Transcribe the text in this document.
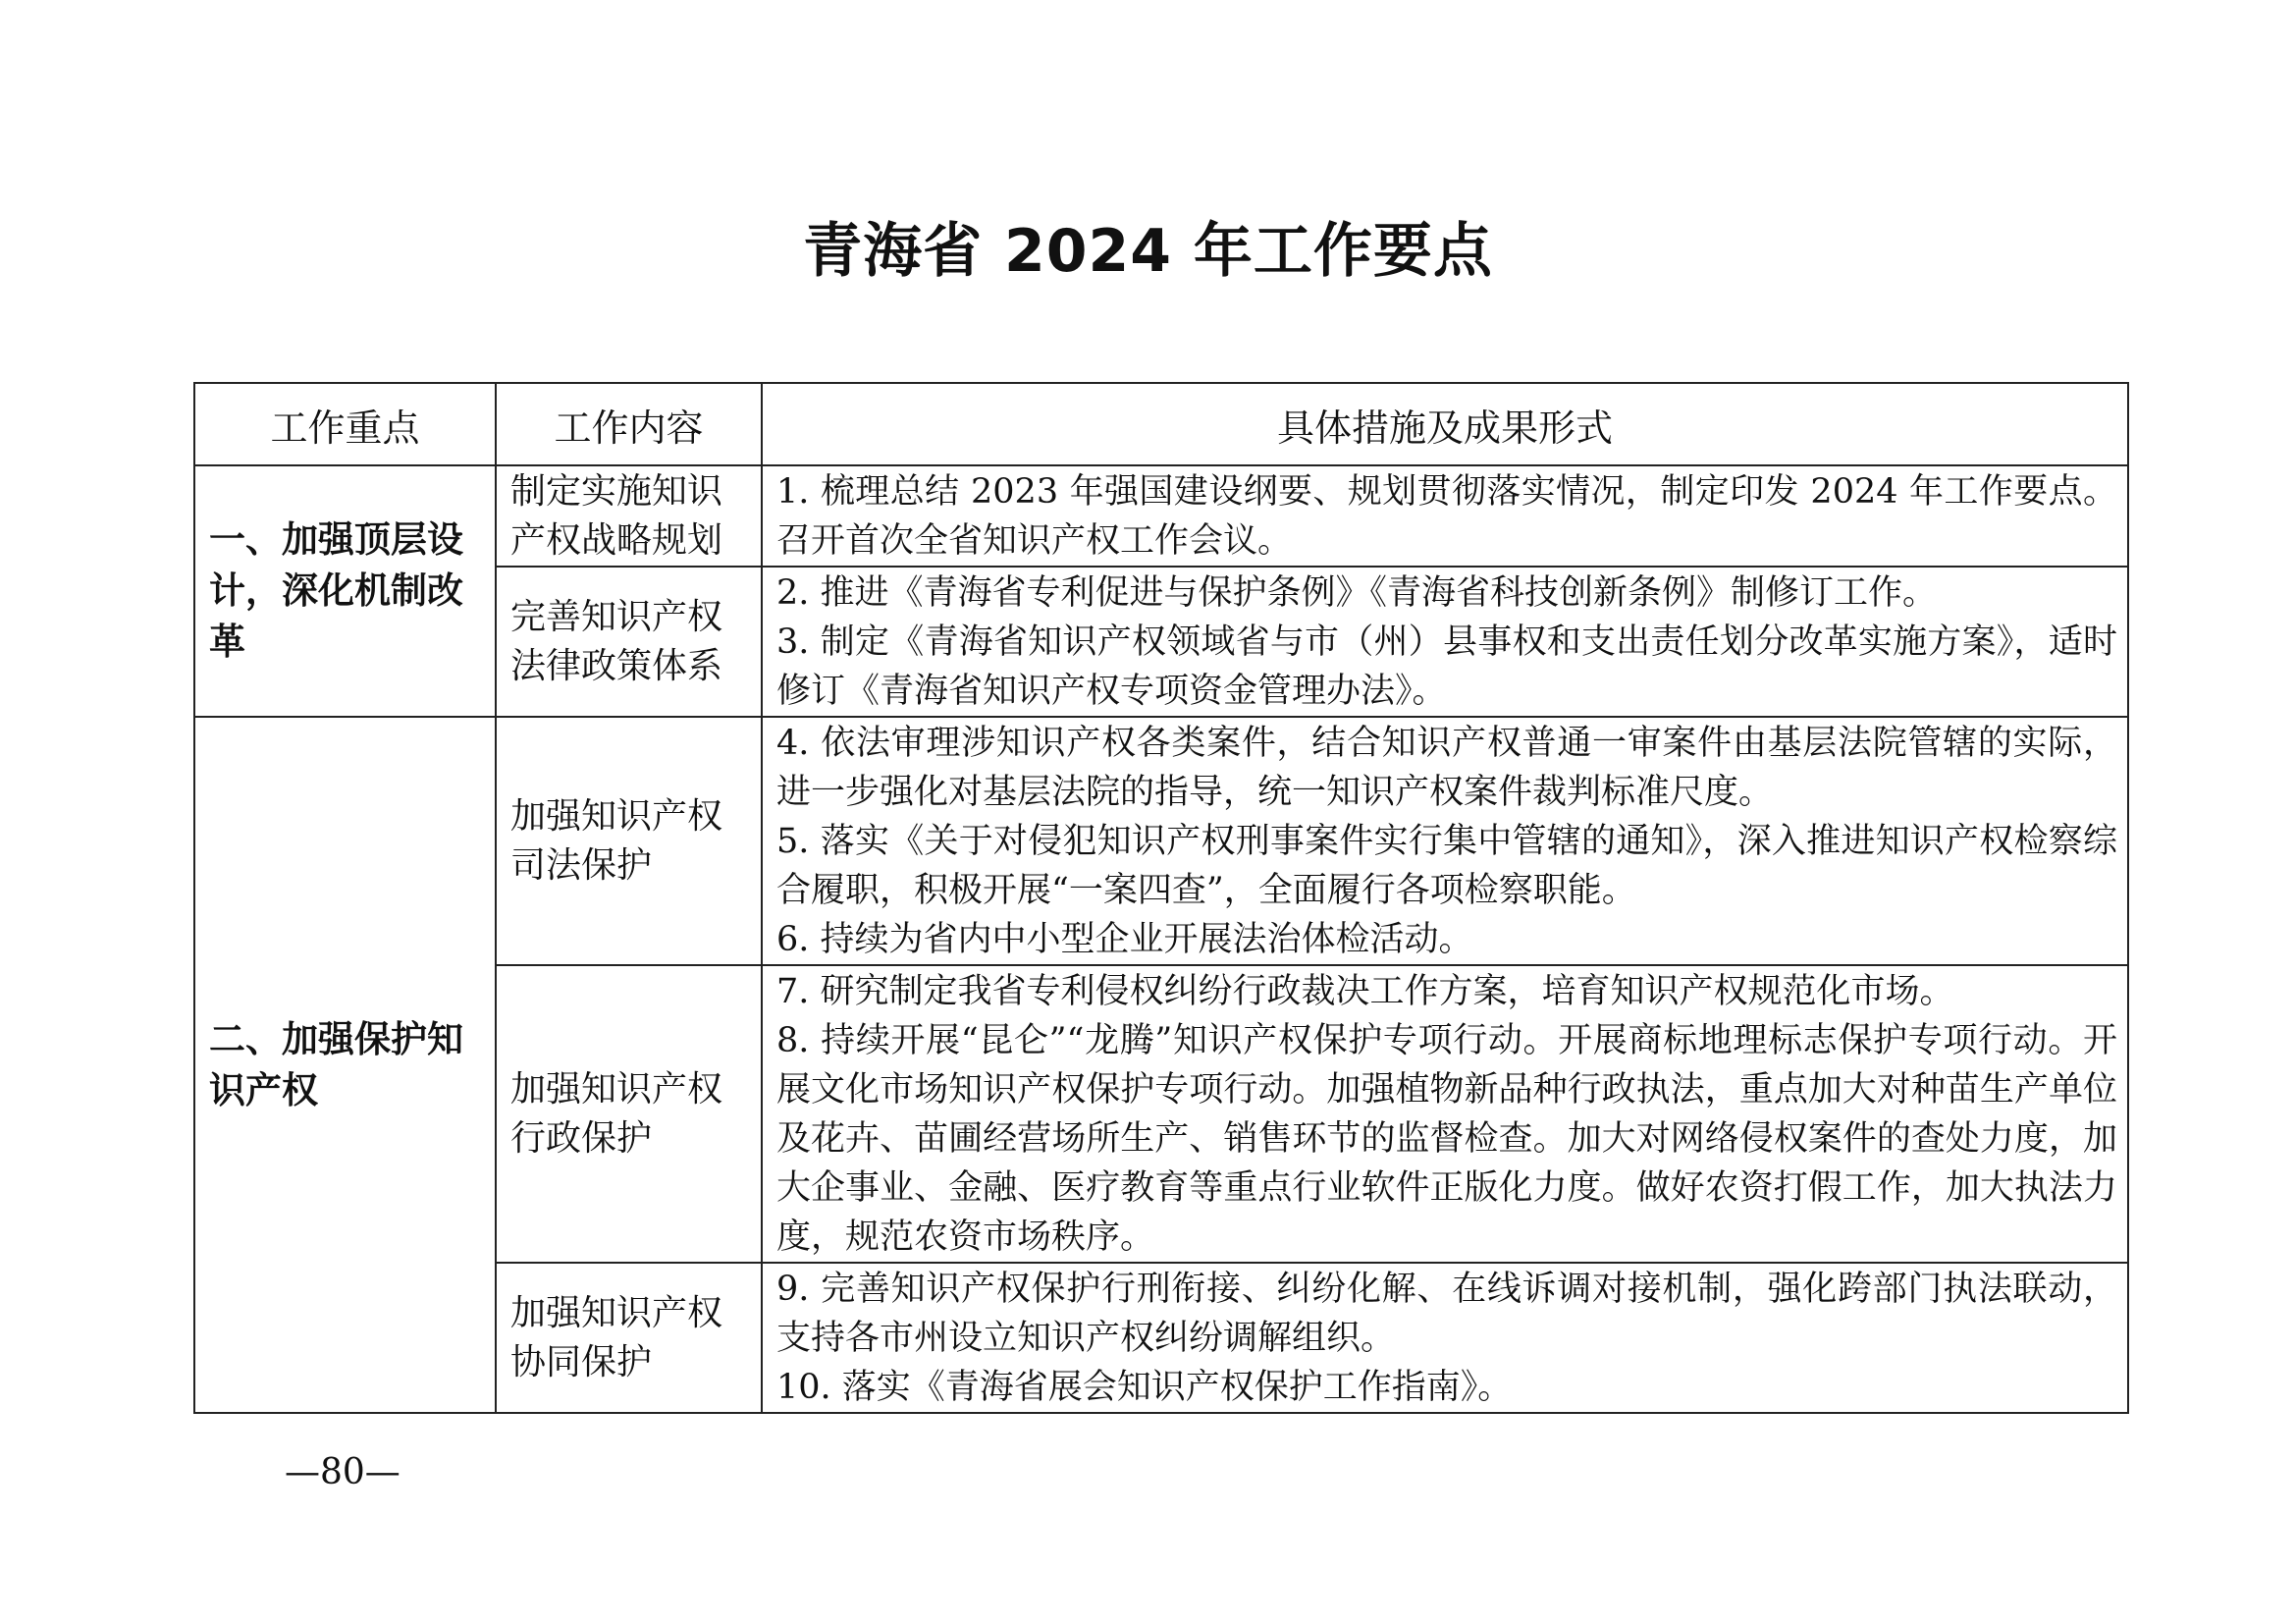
青海省 2024 年工作要点
工作重点	工作内容	具体措施及成果形式
一、加强顶层设计，深化机制改革	制定实施知识产权战略规划	1. 梳理总结 2023 年强国建设纲要、规划贯彻落实情况，制定印发 2024 年工作要点。召开首次全省知识产权工作会议。

	完善知识产权法律政策体系	2. 推进《青海省专利促进与保护条例》《青海省科技创新条例》制修订工作。
3. 制定《青海省知识产权领域省与市（州）县事权和支出责任划分改革实施方案》，适时修订《青海省知识产权专项资金管理办法》。

二、加强保护知识产权	加强知识产权司法保护	4. 依法审理涉知识产权各类案件，结合知识产权普通一审案件由基层法院管辖的实际，进一步强化对基层法院的指导，统一知识产权案件裁判标准尺度。
5. 落实《关于对侵犯知识产权刑事案件实行集中管辖的通知》，深入推进知识产权检察综合履职，积极开展“一案四查”，全面履行各项检察职能。
6. 持续为省内中小型企业开展法治体检活动。

	加强知识产权行政保护	7. 研究制定我省专利侵权纠纷行政裁决工作方案，培育知识产权规范化市场。
8. 持续开展“昆仑”“龙腾”知识产权保护专项行动。开展商标地理标志保护专项行动。开展文化市场知识产权保护专项行动。加强植物新品种行政执法，重点加大对种苗生产单位及花卉、苗圃经营场所生产、销售环节的监督检查。加大对网络侵权案件的查处力度，加大企事业、金融、医疗教育等重点行业软件正版化力度。做好农资打假工作，加大执法力度，规范农资市场秩序。

	加强知识产权协同保护	9. 完善知识产权保护行刑衔接、纠纷化解、在线诉调对接机制，强化跨部门执法联动，支持各市州设立知识产权纠纷调解组织。
10. 落实《青海省展会知识产权保护工作指南》。
—80—
